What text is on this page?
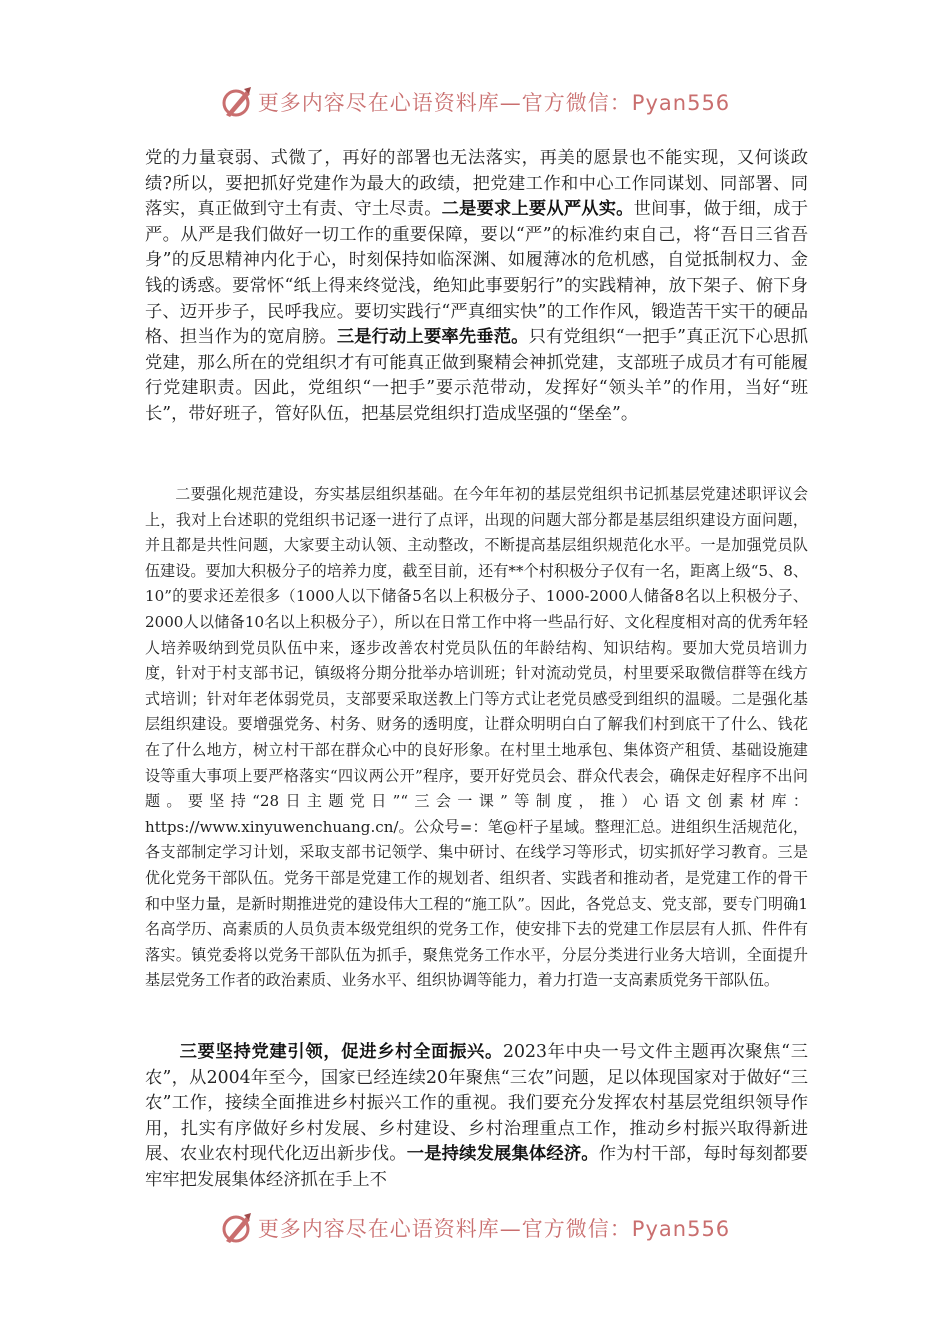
更多内容尽在心语资料库—官方微信：Pyan556

党的力量衰弱、式微了，再好的部署也无法落实，再美的愿景也不能实现，又何谈政绩?所以，要把抓好党建作为最大的政绩，把党建工作和中心工作同谋划、同部署、同落实，真正做到守土有责、守土尽责。二是要求上要从严从实。世间事，做于细，成于严。从严是我们做好一切工作的重要保障，要以“严”的标准约束自己，将“吾日三省吾身”的反思精神内化于心，时刻保持如临深渊、如履薄冰的危机感，自觉抵制权力、金钱的诱惑。要常怀“纸上得来终觉浅，绝知此事要躬行”的实践精神，放下架子、俯下身子、迈开步子，民呼我应。要切实践行“严真细实快”的工作作风，锻造苦干实干的硬品格、担当作为的宽肩膀。三是行动上要率先垂范。只有党组织“一把手”真正沉下心思抓党建，那么所在的党组织才有可能真正做到聚精会神抓党建，支部班子成员才有可能履行党建职责。因此，党组织“一把手”要示范带动，发挥好“领头羊”的作用，当好“班长”，带好班子，管好队伍，把基层党组织打造成坚强的“堡垒”。

二要强化规范建设，夯实基层组织基础。在今年年初的基层党组织书记抓基层党建述职评议会上，我对上台述职的党组织书记逐一进行了点评，出现的问题大部分都是基层组织建设方面问题，并且都是共性问题，大家要主动认领、主动整改，不断提高基层组织规范化水平。一是加强党员队伍建设。要加大积极分子的培养力度，截至目前，还有**个村积极分子仅有一名，距离上级“5、8、10”的要求还差很多（1000人以下储备5名以上积极分子、1000-2000人储备8名以上积极分子、2000人以储备10名以上积极分子），所以在日常工作中将一些品行好、文化程度相对高的优秀年轻人培养吸纳到党员队伍中来，逐步改善农村党员队伍的年龄结构、知识结构。要加大党员培训力度，针对于村支部书记，镇级将分期分批举办培训班；针对流动党员，村里要采取微信群等在线方式培训；针对年老体弱党员，支部要采取送教上门等方式让老党员感受到组织的温暖。二是强化基层组织建设。要增强党务、村务、财务的透明度，让群众明明白白了解我们村到底干了什么、钱花在了什么地方，树立村干部在群众心中的良好形象。在村里土地承包、集体资产租赁、基础设施建设等重大事项上要严格落实“四议两公开”程序，要开好党员会、群众代表会，确保走好程序不出问题。要坚持“28日主题党日”“三会一课”等制度，推）心语文创素材库：https://www.xinyuwenchuang.cn/。公众号=：笔@杆子星域。整理汇总。进组织生活规范化，各支部制定学习计划，采取支部书记领学、集中研讨、在线学习等形式，切实抓好学习教育。三是优化党务干部队伍。党务干部是党建工作的规划者、组织者、实践者和推动者，是党建工作的骨干和中坚力量，是新时期推进党的建设伟大工程的“施工队”。因此，各党总支、党支部，要专门明确1名高学历、高素质的人员负责本级党组织的党务工作，使安排下去的党建工作层层有人抓、件件有落实。镇党委将以党务干部队伍为抓手，聚焦党务工作水平，分层分类进行业务大培训，全面提升基层党务工作者的政治素质、业务水平、组织协调等能力，着力打造一支高素质党务干部队伍。

三要坚持党建引领，促进乡村全面振兴。2023年中央一号文件主题再次聚焦“三农”，从2004年至今，国家已经连续20年聚焦“三农”问题，足以体现国家对于做好“三农”工作，接续全面推进乡村振兴工作的重视。我们要充分发挥农村基层党组织领导作用，扎实有序做好乡村发展、乡村建设、乡村治理重点工作，推动乡村振兴取得新进展、农业农村现代化迈出新步伐。一是持续发展集体经济。作为村干部，每时每刻都要牢牢把发展集体经济抓在手上不

更多内容尽在心语资料库—官方微信：Pyan556
